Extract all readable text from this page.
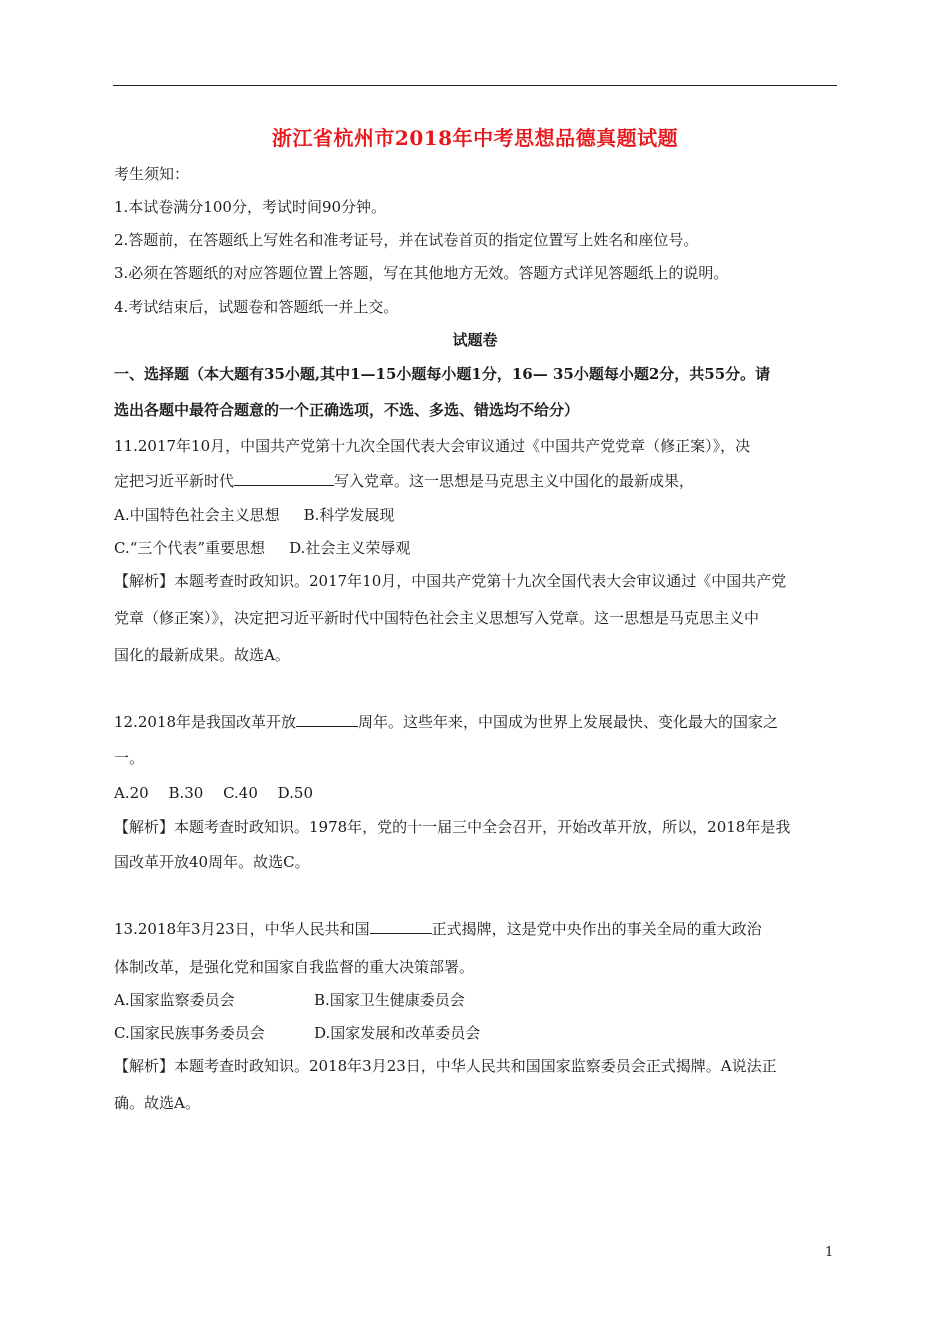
浙江省杭州市2018年中考思想品德真题试题
考生须知：
1.本试卷满分100分，考试时间90分钟。
2.答题前，在答题纸上写姓名和准考证号，并在试卷首页的指定位置写上姓名和座位号。
3.必须在答题纸的对应答题位置上答题，写在其他地方无效。答题方式详见答题纸上的说明。
4.考试结束后，试题卷和答题纸一并上交。
试题卷
一、选择题（本大题有35小题,其中1—15小题每小题1分，16— 35小题每小题2分，共55分。请
选出各题中最符合题意的一个正确选项，不选、多选、错选均不给分）
11.2017年10月，中国共产党第十九次全国代表大会审议通过《中国共产党党章（修正案）》，决
定把习近平新时代	写入党章。这一思想是马克思主义中国化的最新成果，
A.中国特色社会主义思想 B.科学发展现
C.“三个代表”重要思想 D.社会主义荣辱观
【解析】本题考查时政知识。2017年10月，中国共产党第十九次全国代表大会审议通过《中国共产党
党章（修正案）》，决定把习近平新时代中国特色社会主义思想写入党章。这一思想是马克思主义中
国化的最新成果。故选A。
12.2018年是我国改革开放	周年。这些年来，中国成为世界上发展最快、变化最大的国家之
一。
A.20　 B.30　 C.40　 D.50
【解析】本题考查时政知识。1978年，党的十一届三中全会召开，开始改革开放，所以，2018年是我
国改革开放40周年。故选C。
13.2018年3月23日，中华人民共和国	正式揭牌，这是党中央作出的事关全局的重大政治
体制改革，是强化党和国家自我监督的重大决策部署。
A.国家监察委员会	B.国家卫生健康委员会
C.国家民族事务委员会	D.国家发展和改革委员会
【解析】本题考查时政知识。2018年3月23日，中华人民共和国国家监察委员会正式揭牌。A说法正
确。故选A。
1
